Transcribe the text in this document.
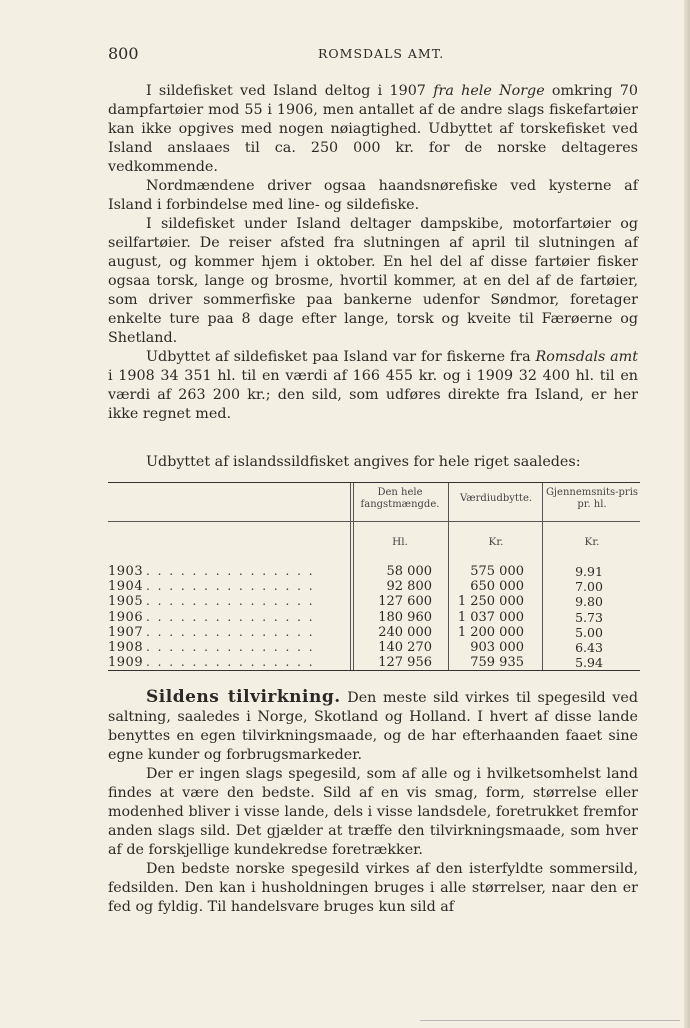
800	ROMSDALS AMT.

I sildefisket ved Island deltog i 1907 fra hele Norge omkring 70 dampfartøier mod 55 i 1906, men antallet af de andre slags fiskefartøier kan ikke opgives med nogen nøiagtighed. Udbyttet af torskefisket ved Island anslaaes til ca. 250 000 kr. for de norske deltageres vedkommende.

Nordmændene driver ogsaa haandsnørefiske ved kysterne af Island i forbindelse med line- og sildefiske.

I sildefisket under Island deltager dampskibe, motorfartøier og seilfartøier. De reiser afsted fra slutningen af april til slutningen af august, og kommer hjem i oktober. En hel del af disse fartøier fisker ogsaa torsk, lange og brosme, hvortil kommer, at en del af de fartøier, som driver sommerfiske paa bankerne udenfor Søndmor, foretager enkelte ture paa 8 dage efter lange, torsk og kveite til Færøerne og Shetland.

Udbyttet af sildefisket paa Island var for fiskerne fra Romsdals amt i 1908 34 351 hl. til en værdi af 166 455 kr. og i 1909 32 400 hl. til en værdi af 263 200 kr.; den sild, som udføres direkte fra Island, er her ikke regnet med.

Udbyttet af islandssildfisket angives for hele riget saaledes:
Den hele fangstmængde.
Værdiudbytte.
Gjennemsnits-pris pr. hl.
Hl.	Kr.	Kr.
1903 . . . . . . . . . . . . . . .	58 000	575 000	9.91
1904 . . . . . . . . . . . . . . .	92 800	650 000	7.00
1905 . . . . . . . . . . . . . . .	127 600	1 250 000	9.80
1906 . . . . . . . . . . . . . . .	180 960	1 037 000	5.73
1907 . . . . . . . . . . . . . . .	240 000	1 200 000	5.00
1908 . . . . . . . . . . . . . . .	140 270	903 000	6.43
1909 . . . . . . . . . . . . . . .	127 956	759 935	5.94

Sildens tilvirkning. Den meste sild virkes til spegesild ved saltning, saaledes i Norge, Skotland og Holland. I hvert af disse lande benyttes en egen tilvirkningsmaade, og de har efterhaanden faaet sine egne kunder og forbrugsmarkeder.

Der er ingen slags spegesild, som af alle og i hvilketsomhelst land findes at være den bedste. Sild af en vis smag, form, størrelse eller modenhed bliver i visse lande, dels i visse landsdele, foretrukket fremfor anden slags sild. Det gjælder at træffe den tilvirkningsmaade, som hver af de forskjellige kundekredse foretrækker.

Den bedste norske spegesild virkes af den isterfyldte sommersild, fedsilden. Den kan i husholdningen bruges i alle størrelser, naar den er fed og fyldig. Til handelsvare bruges kun sild af
